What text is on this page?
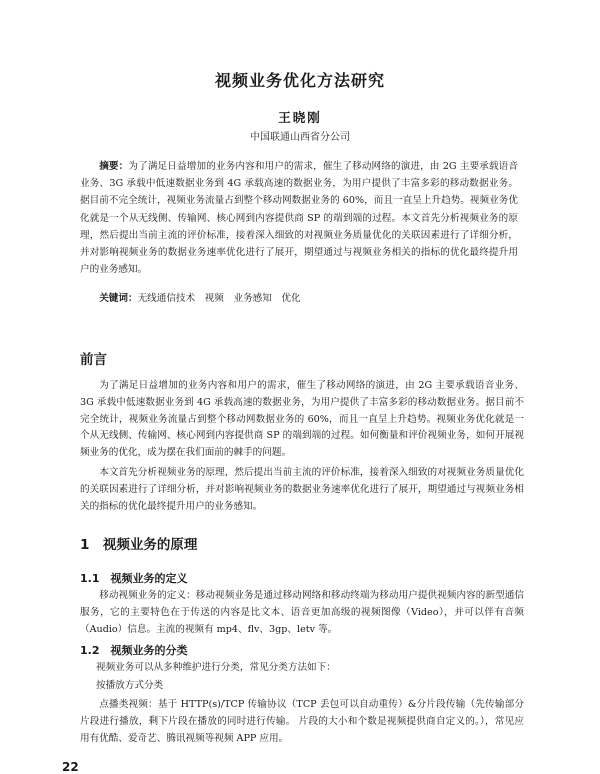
视频业务优化方法研究
王晓刚
中国联通山西省分公司

摘要：为了满足日益增加的业务内容和用户的需求，催生了移动网络的演进，由 2G 主要承载语音业务、3G 承载中低速数据业务到 4G 承载高速的数据业务，为用户提供了丰富多彩的移动数据业务。据目前不完全统计，视频业务流量占到整个移动网数据业务的 60%，而且一直呈上升趋势。视频业务优化就是一个从无线侧、传输网、核心网到内容提供商 SP 的端到端的过程。本文首先分析视频业务的原理，然后提出当前主流的评价标准，接着深入细致的对视频业务质量优化的关联因素进行了详细分析，并对影响视频业务的数据业务速率优化进行了展开，期望通过与视频业务相关的指标的优化最终提升用户的业务感知。

关键词：无线通信技术　视频　业务感知　优化

前言

为了满足日益增加的业务内容和用户的需求，催生了移动网络的演进，由 2G 主要承载语音业务、3G 承载中低速数据业务到 4G 承载高速的数据业务，为用户提供了丰富多彩的移动数据业务。据目前不完全统计，视频业务流量占到整个移动网数据业务的 60%，而且一直呈上升趋势。视频业务优化就是一个从无线侧、传输网、核心网到内容提供商 SP 的端到端的过程。如何衡量和评价视频业务，如何开展视频业务的优化，成为摆在我们面前的棘手的问题。

本文首先分析视频业务的原理，然后提出当前主流的评价标准，接着深入细致的对视频业务质量优化的关联因素进行了详细分析，并对影响视频业务的数据业务速率优化进行了展开，期望通过与视频业务相关的指标的优化最终提升用户的业务感知。

1　视频业务的原理
1.1　视频业务的定义

移动视频业务的定义：移动视频业务是通过移动网络和移动终端为移动用户提供视频内容的新型通信服务，它的主要特色在于传送的内容是比文本、语音更加高级的视频图像（Video），并可以伴有音频（Audio）信息。主流的视频有 mp4、flv、3gp、letv 等。

1.2　视频业务的分类

视频业务可以从多种维护进行分类，常见分类方法如下：

按播放方式分类

点播类视频：基于 HTTP(s)/TCP 传输协议（TCP 丢包可以自动重传）&分片段传输（先传输部分片段进行播放，剩下片段在播放的同时进行传输。 片段的大小和个数是视频提供商自定义的。），常见应用有优酷、爱奇艺、腾讯视频等视频 APP 应用。

22
